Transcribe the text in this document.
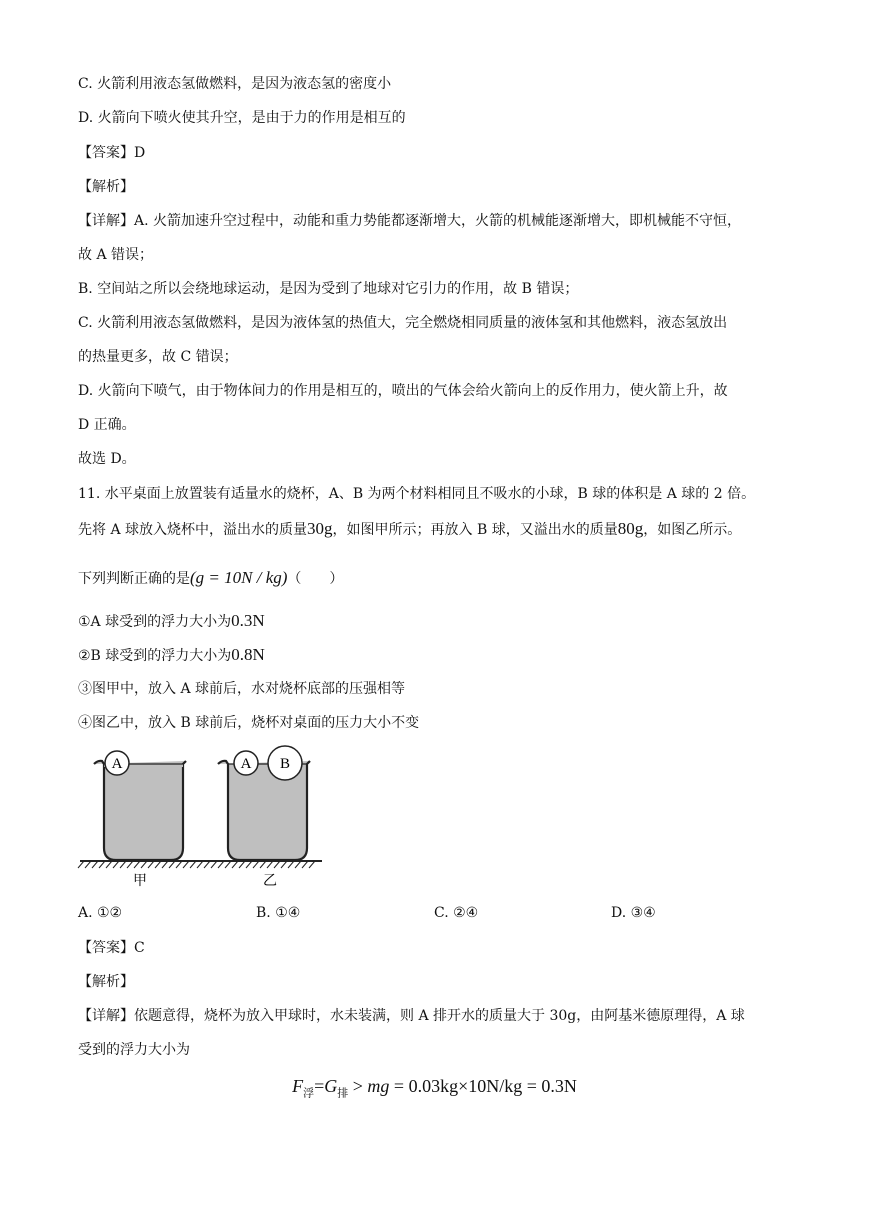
C. 火箭利用液态氢做燃料，是因为液态氢的密度小
D. 火箭向下喷火使其升空，是由于力的作用是相互的
【答案】D
【解析】
【详解】A. 火箭加速升空过程中，动能和重力势能都逐渐增大，火箭的机械能逐渐增大，即机械能不守恒，
故 A 错误；
B. 空间站之所以会绕地球运动，是因为受到了地球对它引力的作用，故 B 错误；
C. 火箭利用液态氢做燃料，是因为液体氢的热值大，完全燃烧相同质量的液体氢和其他燃料，液态氢放出
的热量更多，故 C 错误；
D. 火箭向下喷气，由于物体间力的作用是相互的，喷出的气体会给火箭向上的反作用力，使火箭上升，故
D 正确。
故选 D。
11. 水平桌面上放置装有适量水的烧杯，A、B 为两个材料相同且不吸水的小球，B 球的体积是 A 球的 2 倍。
先将 A 球放入烧杯中，溢出水的质量30g，如图甲所示；再放入 B 球，又溢出水的质量80g，如图乙所示。
下列判断正确的是(g = 10N / kg)（　　）
①A 球受到的浮力大小为0.3N
②B 球受到的浮力大小为0.8N
③图甲中，放入 A 球前后，水对烧杯底部的压强相等
④图乙中，放入 B 球前后，烧杯对桌面的压力大小不变
A	A B
甲	乙
A. ①②	B. ①④	C. ②④	D. ③④
【答案】C
【解析】
【详解】依题意得，烧杯为放入甲球时，水未装满，则 A 排开水的质量大于 30g，由阿基米德原理得，A 球
受到的浮力大小为
$F_浮=G_排$ > mg = 0.03kg×10N/kg = 0.3N
